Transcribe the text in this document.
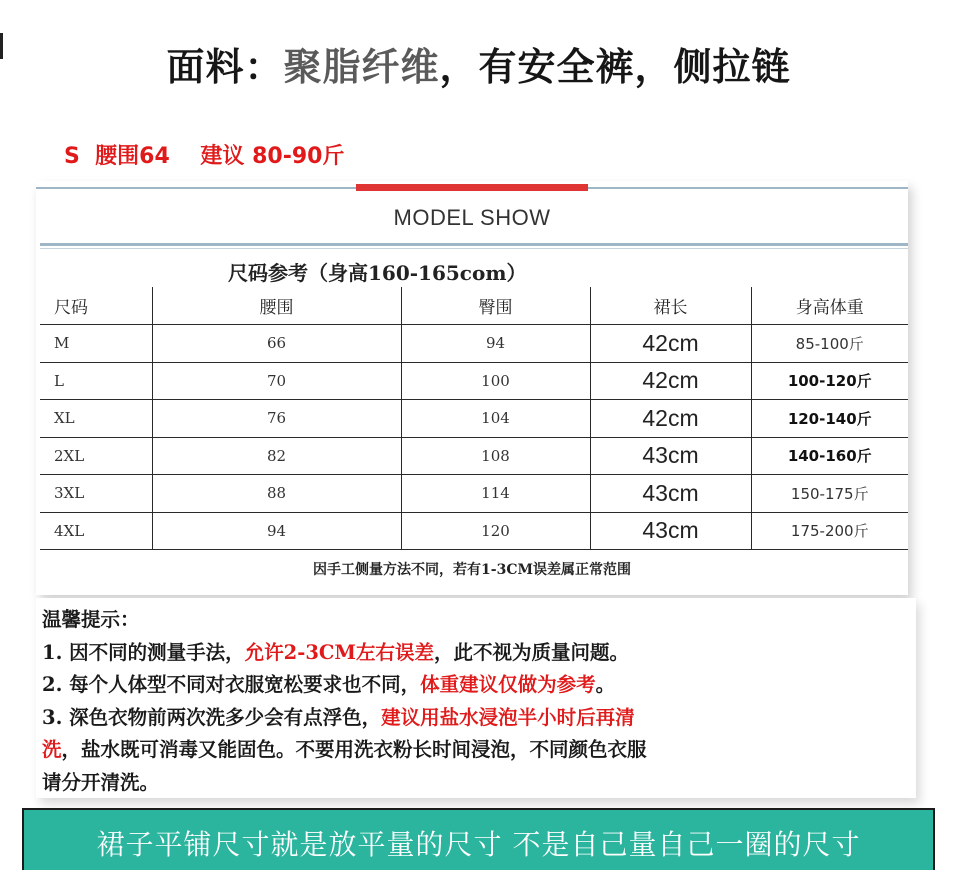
面料：聚脂纤维，有安全裤，侧拉链
S  腰围64    建议 80-90斤
MODEL SHOW
尺码参考（身高160-165com）
尺码	腰围	臀围	裙长	身高体重
M	66	94	42cm	85-100斤
L	70	100	42cm	100-120斤
XL	76	104	42cm	120-140斤
2XL	82	108	43cm	140-160斤
3XL	88	114	43cm	150-175斤
4XL	94	120	43cm	175-200斤
因手工侧量方法不同，若有1-3CM误差属正常范围
温馨提示：
1. 因不同的测量手法，允许2-3CM左右误差，此不视为质量问题。
2. 每个人体型不同对衣服宽松要求也不同，体重建议仅做为参考。
3. 深色衣物前两次洗多少会有点浮色，建议用盐水浸泡半小时后再清
洗，盐水既可消毒又能固色。不要用洗衣粉长时间浸泡，不同颜色衣服
请分开清洗。
裙子平铺尺寸就是放平量的尺寸 不是自己量自己一圈的尺寸
